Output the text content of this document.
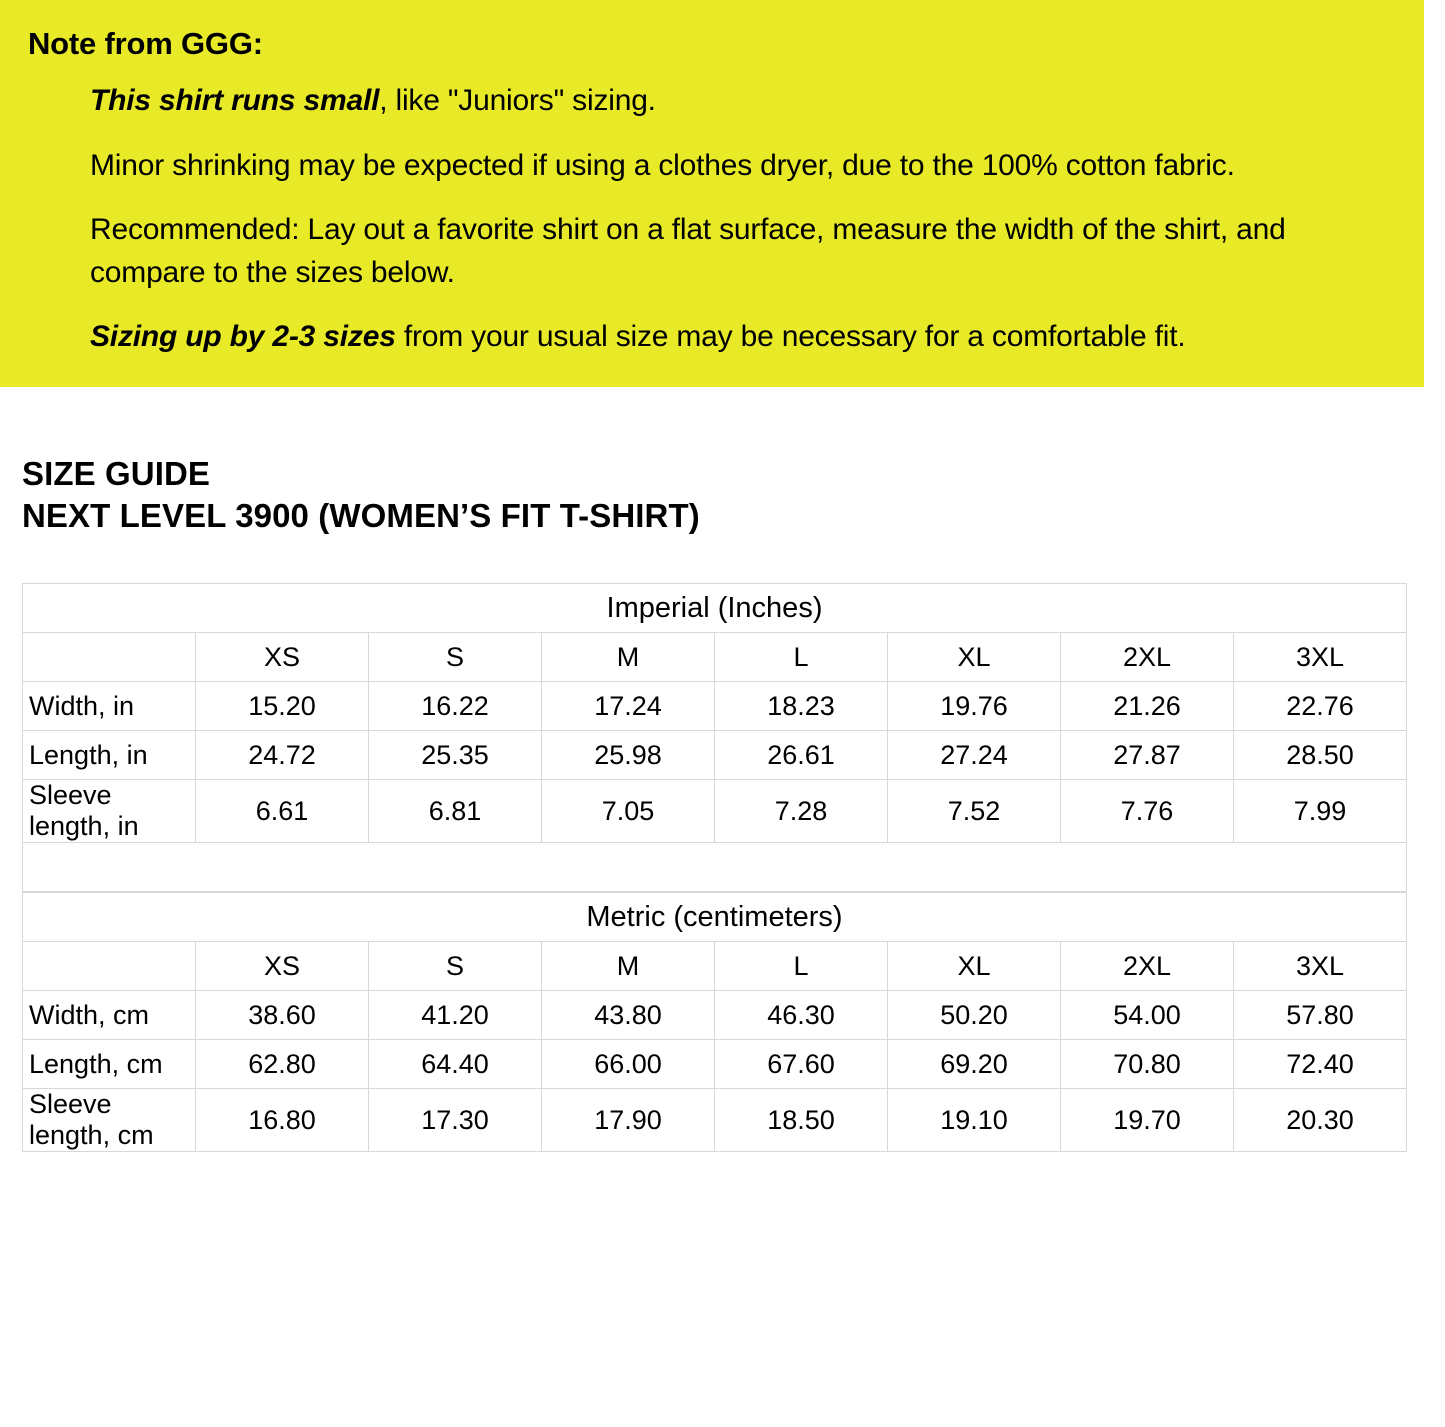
Note from GGG:
This shirt runs small, like "Juniors" sizing.
Minor shrinking may be expected if using a clothes dryer, due to the 100% cotton fabric.
Recommended: Lay out a favorite shirt on a flat surface, measure the width of the shirt, and compare to the sizes below.
Sizing up by 2-3 sizes from your usual size may be necessary for a comfortable fit.
SIZE GUIDE
NEXT LEVEL 3900 (WOMEN’S FIT T-SHIRT)
Imperial (Inches)							
	XS	S	M	L	XL	2XL	3XL
Width, in	15.20	16.22	17.24	18.23	19.76	21.26	22.76
Length, in	24.72	25.35	25.98	26.61	27.24	27.87	28.50
Sleeve length, in	6.61	6.81	7.05	7.28	7.52	7.76	7.99

Metric (centimeters)							
	XS	S	M	L	XL	2XL	3XL
Width, cm	38.60	41.20	43.80	46.30	50.20	54.00	57.80
Length, cm	62.80	64.40	66.00	67.60	69.20	70.80	72.40
Sleeve length, cm	16.80	17.30	17.90	18.50	19.10	19.70	20.30
